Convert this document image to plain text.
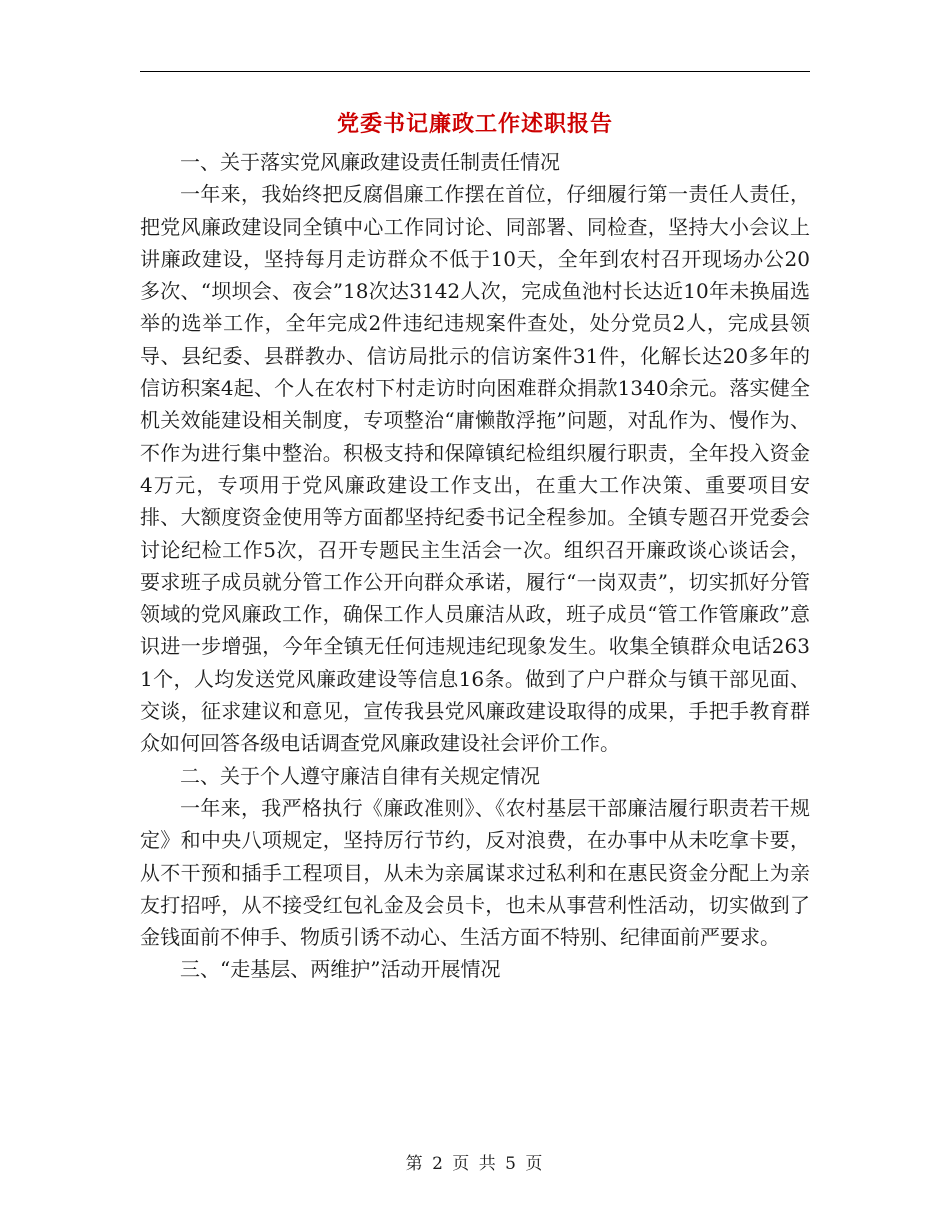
党委书记廉政工作述职报告

一、关于落实党风廉政建设责任制责任情况

一年来，我始终把反腐倡廉工作摆在首位，仔细履行第一责任人责任，把党风廉政建设同全镇中心工作同讨论、同部署、同检查，坚持大小会议上讲廉政建设，坚持每月走访群众不低于10天，全年到农村召开现场办公20多次、“坝坝会、夜会”18次达3142人次，完成鱼池村长达近10年未换届选举的选举工作，全年完成2件违纪违规案件查处，处分党员2人，完成县领导、县纪委、县群教办、信访局批示的信访案件31件，化解长达20多年的信访积案4起、个人在农村下村走访时向困难群众捐款1340余元。落实健全机关效能建设相关制度，专项整治“庸懒散浮拖”问题，对乱作为、慢作为、不作为进行集中整治。积极支持和保障镇纪检组织履行职责，全年投入资金4万元，专项用于党风廉政建设工作支出，在重大工作决策、重要项目安排、大额度资金使用等方面都坚持纪委书记全程参加。全镇专题召开党委会讨论纪检工作5次，召开专题民主生活会一次。组织召开廉政谈心谈话会，要求班子成员就分管工作公开向群众承诺，履行“一岗双责”，切实抓好分管领域的党风廉政工作，确保工作人员廉洁从政，班子成员“管工作管廉政”意识进一步增强，今年全镇无任何违规违纪现象发生。收集全镇群众电话2631个，人均发送党风廉政建设等信息16条。做到了户户群众与镇干部见面、交谈，征求建议和意见，宣传我县党风廉政建设取得的成果，手把手教育群众如何回答各级电话调查党风廉政建设社会评价工作。

二、关于个人遵守廉洁自律有关规定情况

一年来，我严格执行《廉政准则》、《农村基层干部廉洁履行职责若干规定》和中央八项规定，坚持厉行节约，反对浪费，在办事中从未吃拿卡要，从不干预和插手工程项目，从未为亲属谋求过私利和在惠民资金分配上为亲友打招呼，从不接受红包礼金及会员卡，也未从事营利性活动，切实做到了金钱面前不伸手、物质引诱不动心、生活方面不特别、纪律面前严要求。

三、“走基层、两维护”活动开展情况

第 2 页 共 5 页
